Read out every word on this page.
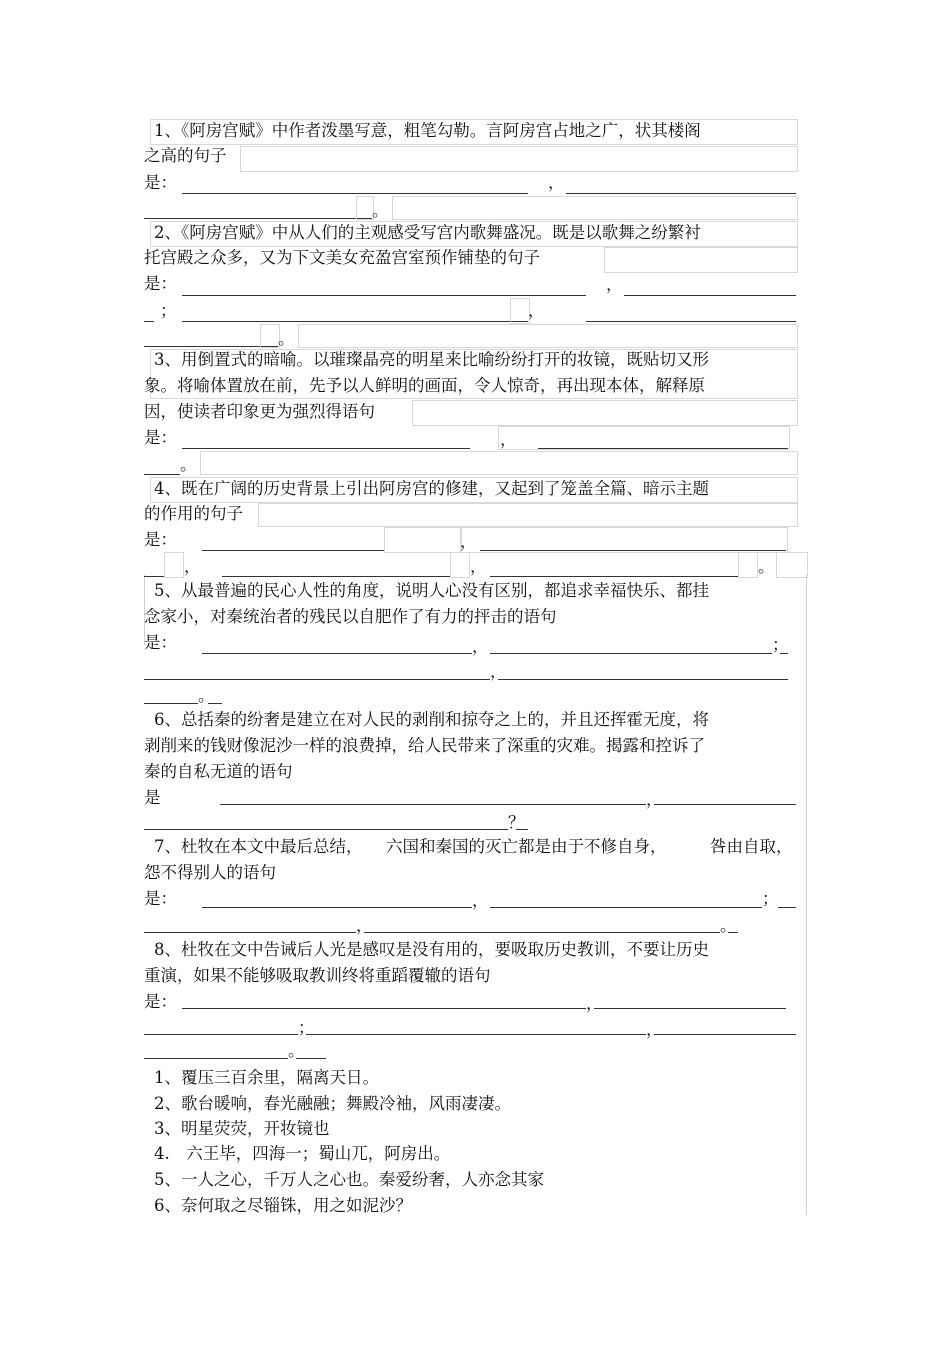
1、《阿房宫赋》中作者泼墨写意，粗笔勾勒。言阿房宫占地之广，状其楼阁
之高的句子
是：	，
。
2、《阿房宫赋》中从人们的主观感受写宫内歌舞盛况。既是以歌舞之纷繁衬
托宫殿之众多，又为下文美女充盈宫室预作铺垫的句子
是：	，
；	，
。
3、用倒置式的暗喻。以璀璨晶亮的明星来比喻纷纷打开的妆镜，既贴切又形
象。将喻体置放在前，先予以人鲜明的画面，令人惊奇，再出现本体，解释原
因，使读者印象更为强烈得语句
是：	，
。
4、既在广阔的历史背景上引出阿房宫的修建，又起到了笼盖全篇、暗示主题
的作用的句子
是：	，
，	，	。
5、从最普遍的民心人性的角度，说明人心没有区别，都追求幸福快乐、都挂
念家小，对秦统治者的残民以自肥作了有力的抨击的语句
是：	，	；
，
。
6、总括秦的纷奢是建立在对人民的剥削和掠夺之上的，并且还挥霍无度，将
剥削来的钱财像泥沙一样的浪费掉，给人民带来了深重的灾难。揭露和控诉了
秦的自私无道的语句
是	，
？
7、杜牧在本文中最后总结， 六国和秦国的灭亡都是由于不修自身，	咎由自取，
怨不得别人的语句
是：	，	；
，	。
8、杜牧在文中告诫后人光是感叹是没有用的，要吸取历史教训，不要让历史
重演，如果不能够吸取教训终将重蹈覆辙的语句
是：	，
；	，
。
1、覆压三百余里，隔离天日。
2、歌台暖响，春光融融；舞殿冷袖，风雨凄凄。
3、明星荧荧，开妆镜也
4.　六王毕，四海一；蜀山兀，阿房出。
5、一人之心，千万人之心也。秦爱纷奢，人亦念其家
6、奈何取之尽锱铢，用之如泥沙？
